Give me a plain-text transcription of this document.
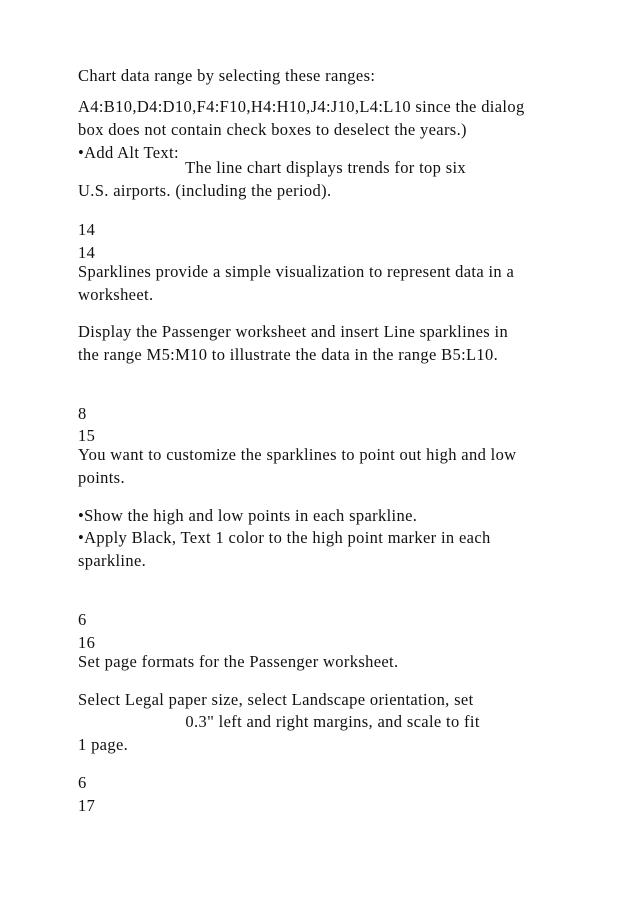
Chart data range by selecting these ranges:
A4:B10,D4:D10,F4:F10,H4:H10,J4:J10,L4:L10 since the dialog
box does not contain check boxes to deselect the years.)
•Add Alt Text:
The line chart displays trends for top six
U.S. airports. (including the period).
14
14
Sparklines provide a simple visualization to represent data in a
worksheet.
Display the Passenger worksheet and insert Line sparklines in
the range M5:M10 to illustrate the data in the range B5:L10.
8
15
You want to customize the sparklines to point out high and low
points.
•Show the high and low points in each sparkline.
•Apply Black, Text 1 color to the high point marker in each
sparkline.
6
16
Set page formats for the Passenger worksheet.
Select Legal paper size, select Landscape orientation, set
0.3" left and right margins, and scale to fit
1 page.
6
17
